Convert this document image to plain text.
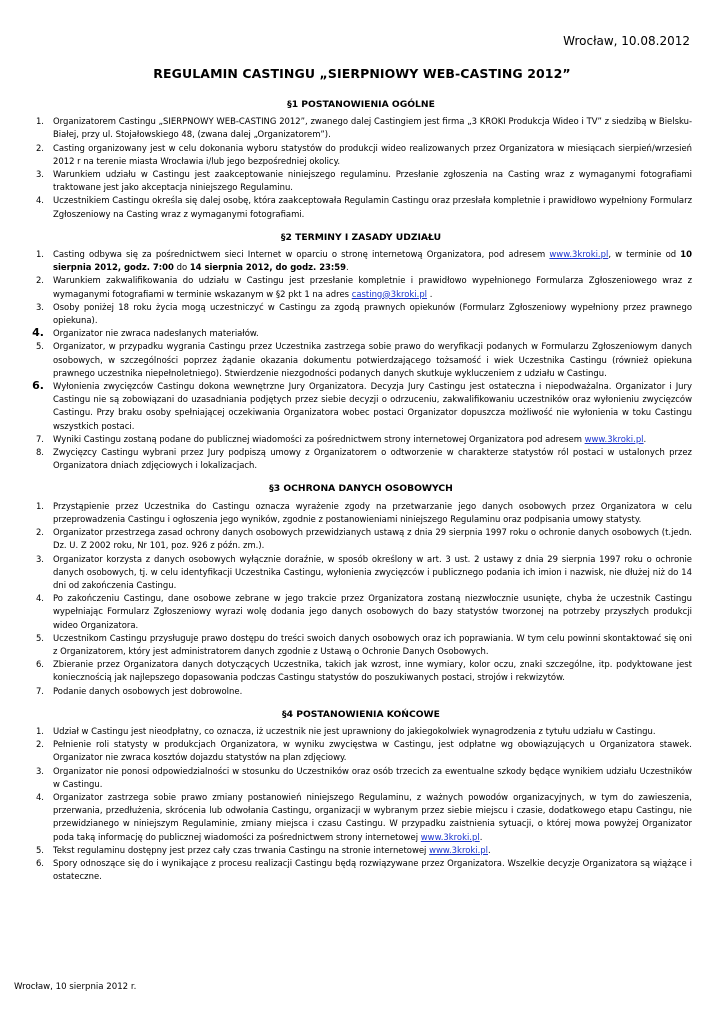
Wrocław, 10.08.2012
REGULAMIN CASTINGU „SIERPNIOWY WEB-CASTING 2012”
§1 POSTANOWIENIA OGÓLNE
1. Organizatorem Castingu „SIERPNOWY WEB-CASTING 2012”, zwanego dalej Castingiem jest firma „3 KROKI Produkcja Wideo i TV” z siedzibą w Bielsku-Białej, przy ul. Stojałowskiego 48, (zwana dalej „Organizatorem”).
2. Casting organizowany jest w celu dokonania wyboru statystów do produkcji wideo realizowanych przez Organizatora w miesiącach sierpień/wrzesień 2012 r na terenie miasta Wrocławia i/lub jego bezpośredniej okolicy.
3. Warunkiem udziału w Castingu jest zaakceptowanie niniejszego regulaminu. Przesłanie zgłoszenia na Casting wraz z wymaganymi fotografiami traktowane jest jako akceptacja niniejszego Regulaminu.
4. Uczestnikiem Castingu określa się dalej osobę, która zaakceptowała Regulamin Castingu oraz przesłała kompletnie i prawidłowo wypełniony Formularz Zgłoszeniowy na Casting wraz z wymaganymi fotografiami.
§2 TERMINY I ZASADY UDZIAŁU
1. Casting odbywa się za pośrednictwem sieci Internet w oparciu o stronę internetową Organizatora, pod adresem www.3kroki.pl, w terminie od 10 sierpnia 2012, godz. 7:00 do 14 sierpnia 2012, do godz. 23:59.
2. Warunkiem zakwalifikowania do udziału w Castingu jest przesłanie kompletnie i prawidłowo wypełnionego Formularza Zgłoszeniowego wraz z wymaganymi fotografiami w terminie wskazanym w §2 pkt 1 na adres casting@3kroki.pl .
3. Osoby poniżej 18 roku życia mogą uczestniczyć w Castingu za zgodą prawnych opiekunów (Formularz Zgłoszeniowy wypełniony przez prawnego opiekuna).
4. Organizator nie zwraca nadesłanych materiałów.
5. Organizator, w przypadku wygrania Castingu przez Uczestnika zastrzega sobie prawo do weryfikacji podanych w Formularzu Zgłoszeniowym danych osobowych, w szczególności poprzez żądanie okazania dokumentu potwierdzającego tożsamość i wiek Uczestnika Castingu (również opiekuna prawnego uczestnika niepełnoletniego). Stwierdzenie niezgodności podanych danych skutkuje wykluczeniem z udziału w Castingu.
6. Wyłonienia zwycięzców Castingu dokona wewnętrzne Jury Organizatora. Decyzja Jury Castingu jest ostateczna i niepodważalna. Organizator i Jury Castingu nie są zobowiązani do uzasadniania podjętych przez siebie decyzji o odrzuceniu, zakwalifikowaniu uczestników oraz wyłonieniu zwycięzców Castingu. Przy braku osoby spełniającej oczekiwania Organizatora wobec postaci Organizator dopuszcza możliwość nie wyłonienia w toku Castingu wszystkich postaci.
7. Wyniki Castingu zostaną podane do publicznej wiadomości za pośrednictwem strony internetowej Organizatora pod adresem www.3kroki.pl.
8. Zwycięzcy Castingu wybrani przez Jury podpiszą umowy z Organizatorem o odtworzenie w charakterze statystów ról postaci w ustalonych przez Organizatora dniach zdjęciowych i lokalizacjach.
§3 OCHRONA DANYCH OSOBOWYCH
1. Przystąpienie przez Uczestnika do Castingu oznacza wyrażenie zgody na przetwarzanie jego danych osobowych przez Organizatora w celu przeprowadzenia Castingu i ogłoszenia jego wyników, zgodnie z postanowieniami niniejszego Regulaminu oraz podpisania umowy statysty.
2. Organizator przestrzega zasad ochrony danych osobowych przewidzianych ustawą z dnia 29 sierpnia 1997 roku o ochronie danych osobowych (t.jedn. Dz. U. Z 2002 roku, Nr 101, poz. 926 z późn. zm.).
3. Organizator korzysta z danych osobowych wyłącznie doraźnie, w sposób określony w art. 3 ust. 2 ustawy z dnia 29 sierpnia 1997 roku o ochronie danych osobowych, tj. w celu identyfikacji Uczestnika Castingu, wyłonienia zwycięzców i publicznego podania ich imion i nazwisk, nie dłużej niż do 14 dni od zakończenia Castingu.
4. Po zakończeniu Castingu, dane osobowe zebrane w jego trakcie przez Organizatora zostaną niezwłocznie usunięte, chyba że uczestnik Castingu wypełniając Formularz Zgłoszeniowy wyrazi wolę dodania jego danych osobowych do bazy statystów tworzonej na potrzeby przyszłych produkcji wideo Organizatora.
5. Uczestnikom Castingu przysługuje prawo dostępu do treści swoich danych osobowych oraz ich poprawiania. W tym celu powinni skontaktować się oni z Organizatorem, który jest administratorem danych zgodnie z Ustawą o Ochronie Danych Osobowych.
6. Zbieranie przez Organizatora danych dotyczących Uczestnika, takich jak wzrost, inne wymiary, kolor oczu, znaki szczególne, itp. podyktowane jest koniecznością jak najlepszego dopasowania podczas Castingu statystów do poszukiwanych postaci, strojów i rekwizytów.
7. Podanie danych osobowych jest dobrowolne.
§4 POSTANOWIENIA KOŃCOWE
1. Udział w Castingu jest nieodpłatny, co oznacza, iż uczestnik nie jest uprawniony do jakiegokolwiek wynagrodzenia z tytułu udziału w Castingu.
2. Pełnienie roli statysty w produkcjach Organizatora, w wyniku zwycięstwa w Castingu, jest odpłatne wg obowiązujących u Organizatora stawek. Organizator nie zwraca kosztów dojazdu statystów na plan zdjęciowy.
3. Organizator nie ponosi odpowiedzialności w stosunku do Uczestników oraz osób trzecich za ewentualne szkody będące wynikiem udziału Uczestników w Castingu.
4. Organizator zastrzega sobie prawo zmiany postanowień niniejszego Regulaminu, z ważnych powodów organizacyjnych, w tym do zawieszenia, przerwania, przedłużenia, skrócenia lub odwołania Castingu, organizacji w wybranym przez siebie miejscu i czasie, dodatkowego etapu Castingu, nie przewidzianego w niniejszym Regulaminie, zmiany miejsca i czasu Castingu. W przypadku zaistnienia sytuacji, o której mowa powyżej Organizator poda taką informację do publicznej wiadomości za pośrednictwem strony internetowej www.3kroki.pl.
5. Tekst regulaminu dostępny jest przez cały czas trwania Castingu na stronie internetowej www.3kroki.pl.
6. Spory odnoszące się do i wynikające z procesu realizacji Castingu będą rozwiązywane przez Organizatora. Wszelkie decyzje Organizatora są wiążące i ostateczne.
Wrocław, 10 sierpnia 2012 r.
